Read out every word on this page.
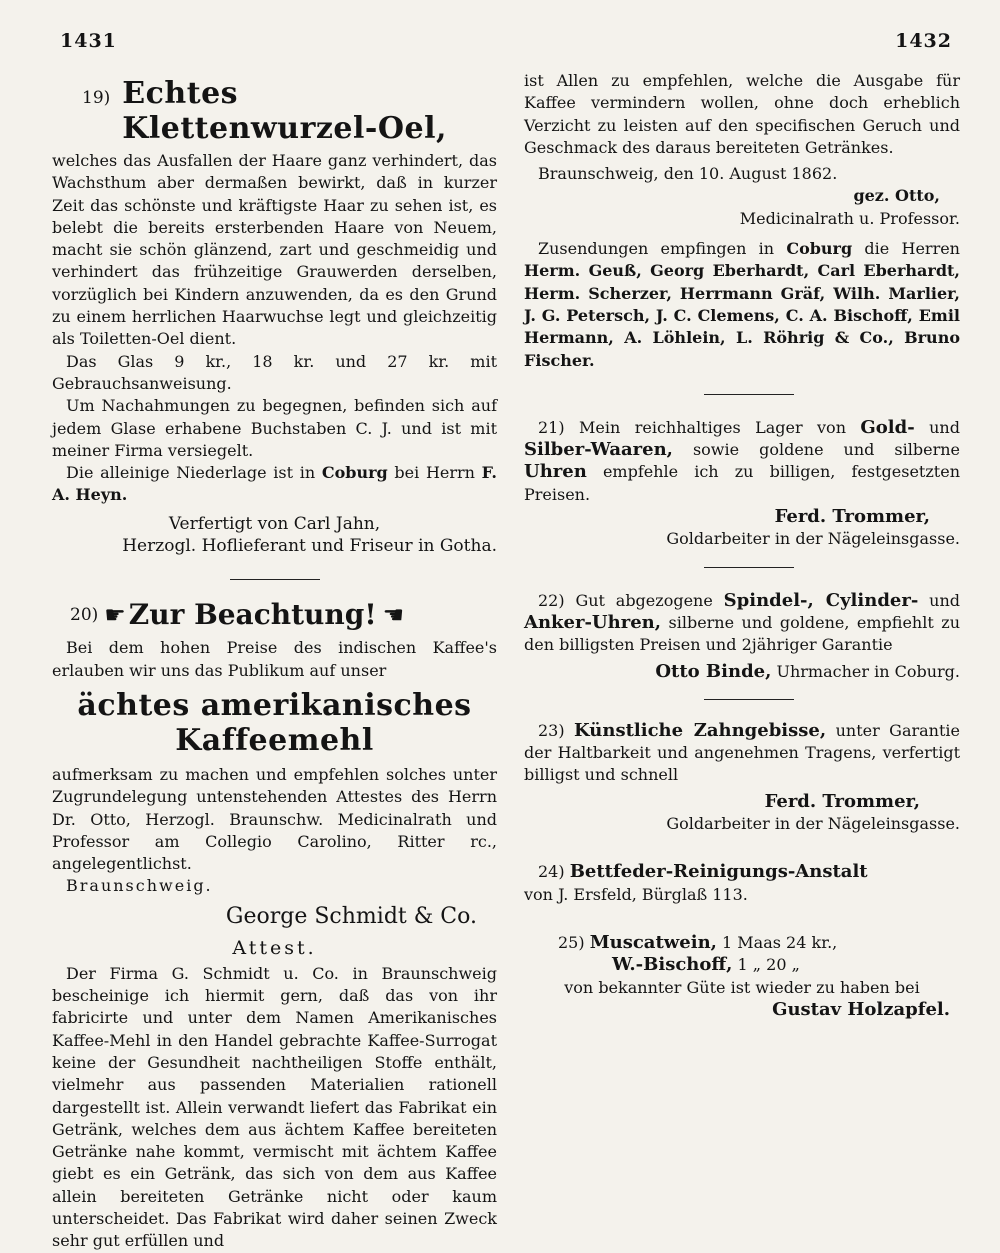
1431	1432
19) Echtes Klettenwurzel-Oel,

welches das Ausfallen der Haare ganz verhindert, das Wachsthum aber dermaßen bewirkt, daß in kurzer Zeit das schönste und kräftigste Haar zu sehen ist, es belebt die bereits ersterbenden Haare von Neuem, macht sie schön glänzend, zart und geschmeidig und verhindert das frühzeitige Grauwerden derselben, vorzüglich bei Kindern anzuwenden, da es den Grund zu einem herrlichen Haarwuchse legt und gleichzeitig als Toiletten-Oel dient.

Das Glas 9 kr., 18 kr. und 27 kr. mit Gebrauchsanweisung.

Um Nachahmungen zu begegnen, befinden sich auf jedem Glase erhabene Buchstaben C. J. und ist mit meiner Firma versiegelt.

Die alleinige Niederlage ist in Coburg bei Herrn F. A. Heyn.

Verfertigt von Carl Jahn,

Herzogl. Hoflieferant und Friseur in Gotha.

20) ☛ Zur Beachtung! ☚

Bei dem hohen Preise des indischen Kaffee's erlauben wir uns das Publikum auf unser

ächtes amerikanisches Kaffeemehl

aufmerksam zu machen und empfehlen solches unter Zugrundelegung untenstehenden Attestes des Herrn Dr. Otto, Herzogl. Braunschw. Medicinalrath und Professor am Collegio Carolino, Ritter rc., angelegentlichst.

Braunschweig.

George Schmidt & Co.
Attest.

Der Firma G. Schmidt u. Co. in Braunschweig bescheinige ich hiermit gern, daß das von ihr fabricirte und unter dem Namen Amerikanisches Kaffee-Mehl in den Handel gebrachte Kaffee-Surrogat keine der Gesundheit nachtheiligen Stoffe enthält, vielmehr aus passenden Materialien rationell dargestellt ist. Allein verwandt liefert das Fabrikat ein Getränk, welches dem aus ächtem Kaffee bereiteten Getränke nahe kommt, vermischt mit ächtem Kaffee giebt es ein Getränk, das sich von dem aus Kaffee allein bereiteten Getränke nicht oder kaum unterscheidet. Das Fabrikat wird daher seinen Zweck sehr gut erfüllen und

ist Allen zu empfehlen, welche die Ausgabe für Kaffee vermindern wollen, ohne doch erheblich Verzicht zu leisten auf den specifischen Geruch und Geschmack des daraus bereiteten Getränkes.

Braunschweig, den 10. August 1862.

gez. Otto,

Medicinalrath u. Professor.

Zusendungen empfingen in Coburg die Herren Herm. Geuß, Georg Eberhardt, Carl Eberhardt, Herm. Scherzer, Herrmann Gräf, Wilh. Marlier, J. G. Petersch, J. C. Clemens, C. A. Bischoff, Emil Hermann, A. Löhlein, L. Röhrig & Co., Bruno Fischer.

21) Mein reichhaltiges Lager von Gold- und Silber-Waaren, sowie goldene und silberne Uhren empfehle ich zu billigen, festgesetzten Preisen.

Ferd. Trommer,

Goldarbeiter in der Nägeleinsgasse.

22) Gut abgezogene Spindel-, Cylinder- und Anker-Uhren, silberne und goldene, empfiehlt zu den billigsten Preisen und 2jähriger Garantie

Otto Binde, Uhrmacher in Coburg.

23) Künstliche Zahngebisse, unter Garantie der Haltbarkeit und angenehmen Tragens, verfertigt billigst und schnell

Ferd. Trommer,

Goldarbeiter in der Nägeleinsgasse.

24) Bettfeder-Reinigungs-Anstalt

von J. Ersfeld, Bürglaß 113.

25) Muscatwein, 1 Maas 24 kr.,

W.-Bischoff, 1 „ 20 „

von bekannter Güte ist wieder zu haben bei

Gustav Holzapfel.
